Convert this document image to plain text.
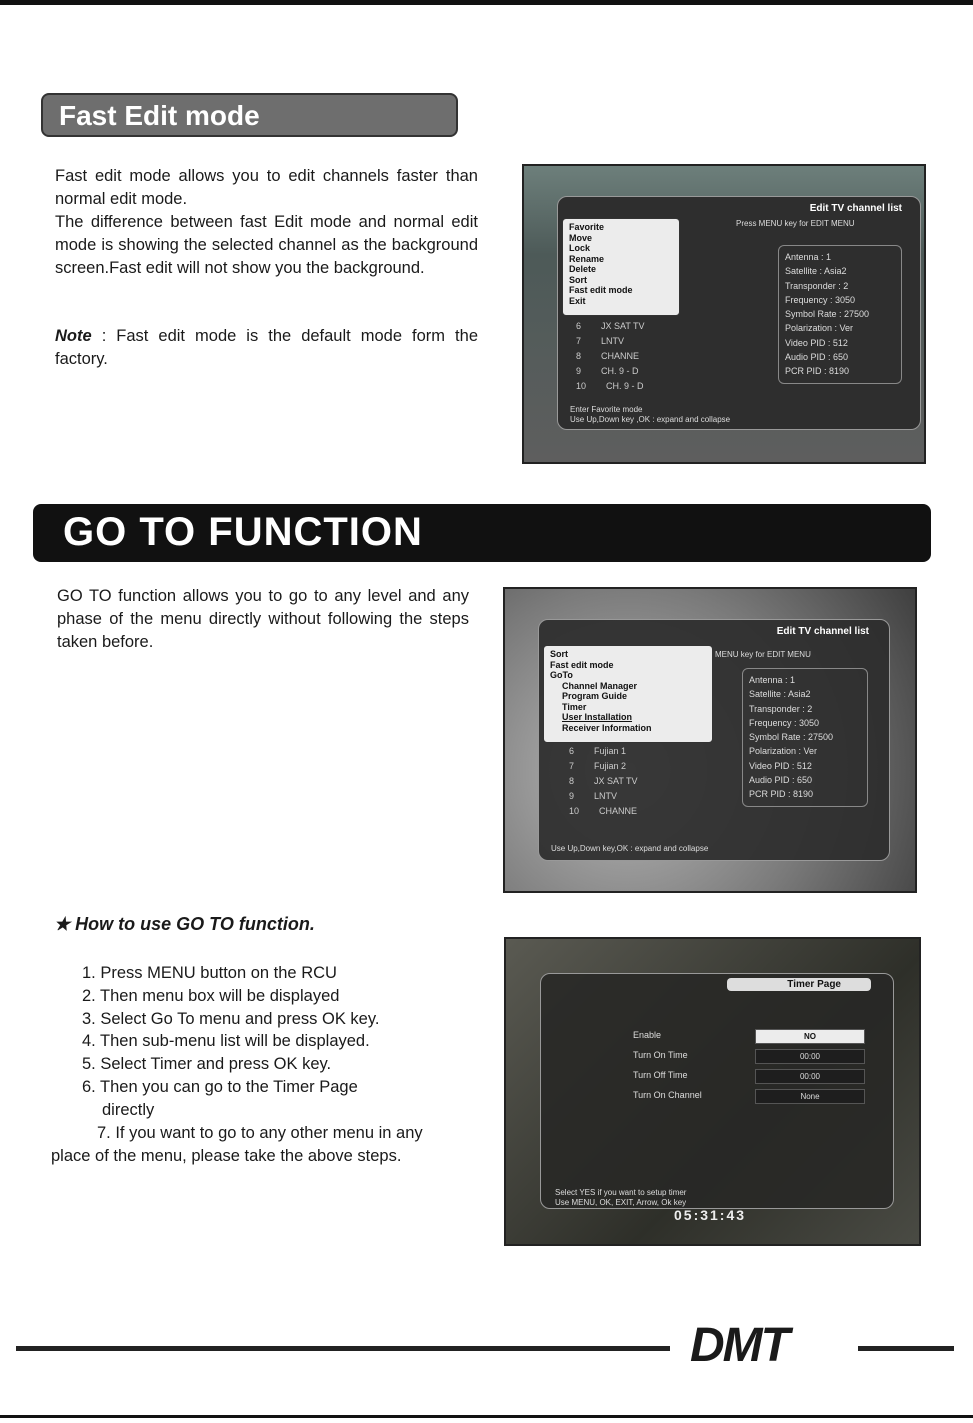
Fast Edit mode
Fast edit mode allows you to edit channels faster than normal edit mode.
The difference between fast Edit mode and normal edit mode is showing the selected channel as the background screen.Fast edit will not show you the background.
Note : Fast edit mode is the default mode form the factory.
Edit TV channel list
Press MENU key for EDIT MENU
6 JX SAT TV
7 LNTV
8 CHANNE
9 CH. 9 - D
10 CH. 9 - D
Antenna : 1
Satellite : Asia2
Transponder : 2
Frequency : 3050
Symbol Rate : 27500
Polarization : Ver
Video PID : 512
Audio PID : 650
PCR PID : 8190
Enter Favorite mode
Use Up,Down key ,OK : expand and collapse
Favorite
Move
Lock
Rename
Delete
Sort
Fast edit mode
Exit
GO TO FUNCTION
GO TO function allows you to go to any level and any phase of the menu directly without following the steps taken before.
Edit TV channel list
MENU key for EDIT MENU
6 Fujian 1
7 Fujian 2
8 JX SAT TV
9 LNTV
10 CHANNE
Antenna : 1
Satellite : Asia2
Transponder : 2
Frequency : 3050
Symbol Rate : 27500
Polarization : Ver
Video PID : 512
Audio PID : 650
PCR PID : 8190
Use Up,Down key,OK : expand and collapse
Sort
Fast edit mode
GoTo
Channel Manager
Program Guide
Timer
User Installation
Receiver Information
★ How to use GO TO function.
1. Press MENU button on the RCU
2. Then menu box will be displayed
3. Select Go To menu and press OK key.
4. Then sub-menu list will be displayed.
5. Select Timer and press OK key.
6. Then you can go to the Timer Page
directly
7. If you want to go to any other menu in any
place of the menu, please take the above steps.
Timer Page
Enable	NO
Turn On Time	00:00
Turn Off Time	00:00
Turn On Channel	None
Select YES if you want to setup timer
Use MENU, OK, EXIT, Arrow, Ok key
05:31:43
DMT
